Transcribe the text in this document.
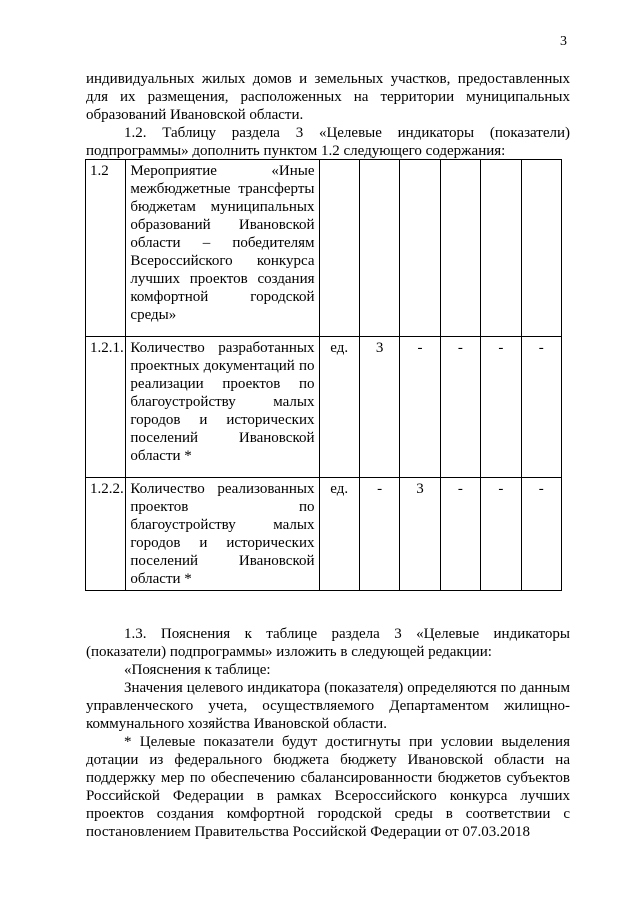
3
индивидуальных жилых домов и земельных участков, предоставленных для их размещения, расположенных на территории муниципальных образований Ивановской области.
1.2. Таблицу раздела 3 «Целевые индикаторы (показатели) подпрограммы» дополнить пунктом 1.2 следующего содержания:
1.2	Мероприятие «Иные межбюджетные трансферты бюджетам муниципальных образований Ивановской области – победителям Всероссийского конкурса лучших проектов создания комфортной городской среды»						
1.2.1.	Количество разработанных проектных документаций по реализации проектов по благоустройству малых городов и исторических поселений Ивановской области *	ед.	3	-	-	-	-
1.2.2.	Количество реализованных проектов по благоустройству малых городов и исторических поселений Ивановской области *	ед.	-	3	-	-	-
1.3. Пояснения к таблице раздела 3 «Целевые индикаторы (показатели) подпрограммы» изложить в следующей редакции:
«Пояснения к таблице:
Значения целевого индикатора (показателя) определяются по данным управленческого учета, осуществляемого Департаментом жилищно-коммунального хозяйства Ивановской области.
* Целевые показатели будут достигнуты при условии выделения дотации из федерального бюджета бюджету Ивановской области на поддержку мер по обеспечению сбалансированности бюджетов субъектов Российской Федерации в рамках Всероссийского конкурса лучших проектов создания комфортной городской среды в соответствии с постановлением Правительства Российской Федерации от 07.03.2018
